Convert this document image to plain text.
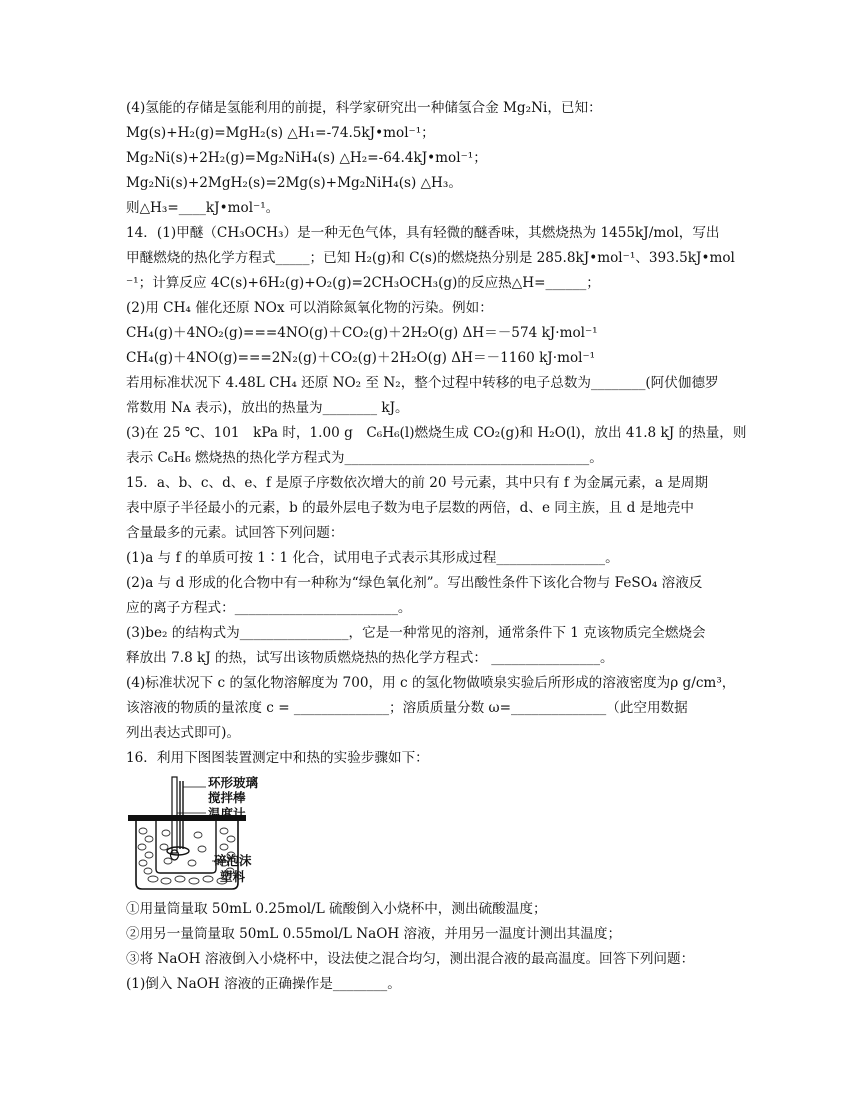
(4)氢能的存储是氢能利用的前提，科学家研究出一种储氢合金 Mg₂Ni，已知：
Mg(s)+H₂(g)=MgH₂(s) △H₁=-74.5kJ•mol⁻¹；
Mg₂Ni(s)+2H₂(g)=Mg₂NiH₄(s) △H₂=-64.4kJ•mol⁻¹；
Mg₂Ni(s)+2MgH₂(s)=2Mg(s)+Mg₂NiH₄(s) △H₃。
则△H₃=____kJ•mol⁻¹。
14．(1)甲醚（CH₃OCH₃）是一种无色气体，具有轻微的醚香味，其燃烧热为 1455kJ/mol，写出
甲醚燃烧的热化学方程式_____；已知 H₂(g)和 C(s)的燃烧热分别是 285.8kJ•mol⁻¹、393.5kJ•mol
⁻¹；计算反应 4C(s)+6H₂(g)+O₂(g)=2CH₃OCH₃(g)的反应热△H=______；
(2)用 CH₄ 催化还原 NOx 可以消除氮氧化物的污染。例如：
CH₄(g)＋4NO₂(g)===4NO(g)＋CO₂(g)＋2H₂O(g) ΔH＝－574 kJ·mol⁻¹
CH₄(g)＋4NO(g)===2N₂(g)＋CO₂(g)＋2H₂O(g) ΔH＝－1160 kJ·mol⁻¹
若用标准状况下 4.48L CH₄ 还原 NO₂ 至 N₂，整个过程中转移的电子总数为________(阿伏伽德罗
常数用 Nᴀ 表示)，放出的热量为________ kJ。
(3)在 25 ℃、101　kPa 时，1.00 g　C₆H₆(l)燃烧生成 CO₂(g)和 H₂O(l)，放出 41.8 kJ 的热量，则
表示 C₆H₆ 燃烧热的热化学方程式为____________________________________。
15．a、b、c、d、e、f 是原子序数依次增大的前 20 号元素，其中只有 f 为金属元素，a 是周期
表中原子半径最小的元素，b 的最外层电子数为电子层数的两倍，d、e 同主族，且 d 是地壳中
含量最多的元素。试回答下列问题：
(1)a 与 f 的单质可按 1∶1 化合，试用电子式表示其形成过程________________。
(2)a 与 d 形成的化合物中有一种称为“绿色氧化剂”。写出酸性条件下该化合物与 FeSO₄ 溶液反
应的离子方程式：________________________。
(3)be₂ 的结构式为________________，它是一种常见的溶剂，通常条件下 1 克该物质完全燃烧会
释放出 7.8 kJ 的热，试写出该物质燃烧热的热化学方程式： ________________。
(4)标准状况下 c 的氢化物溶解度为 700，用 c 的氢化物做喷泉实验后所形成的溶液密度为ρ g/cm³，
该溶液的物质的量浓度 c = ______________；溶质质量分数 ω=______________（此空用数据
列出表达式即可)。
16．利用下图图装置测定中和热的实验步骤如下：
环形玻璃
搅拌棒
温度计
碎泡沫
塑料
①用量筒量取 50mL 0.25mol/L 硫酸倒入小烧杯中，测出硫酸温度；
②用另一量筒量取 50mL 0.55mol/L NaOH 溶液，并用另一温度计测出其温度；
③将 NaOH 溶液倒入小烧杯中，设法使之混合均匀，测出混合液的最高温度。回答下列问题：
(1)倒入 NaOH 溶液的正确操作是________。
